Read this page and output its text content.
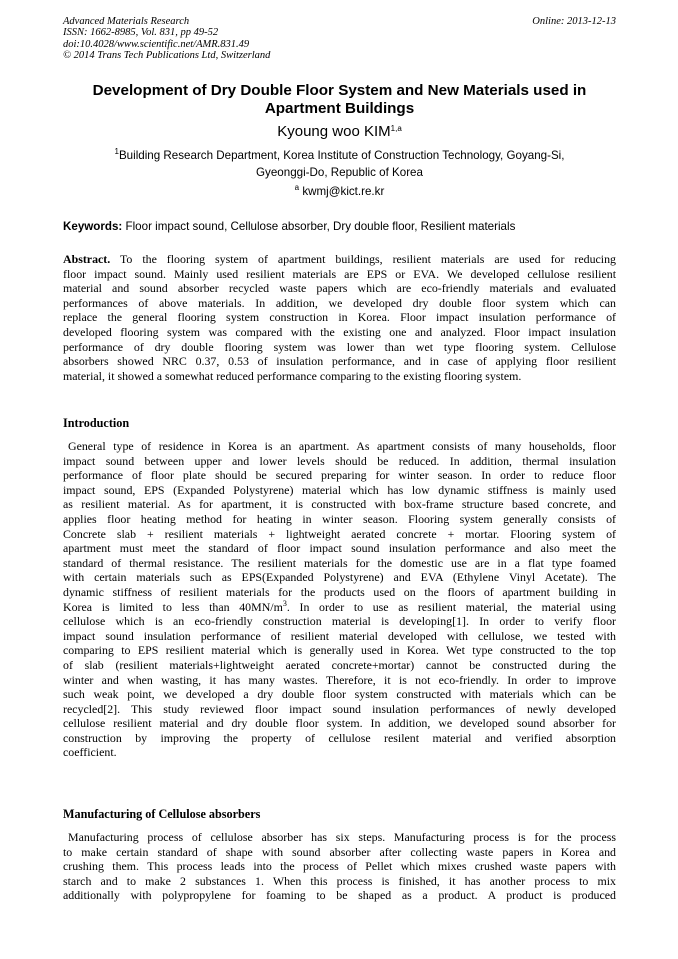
Advanced Materials Research
ISSN: 1662-8985, Vol. 831, pp 49-52
doi:10.4028/www.scientific.net/AMR.831.49
© 2014 Trans Tech Publications Ltd, Switzerland
Online: 2013-12-13
Development of Dry Double Floor System and New Materials used in
Apartment Buildings
Kyoung woo KIM$^{1,a}$
$^1$Building Research Department, Korea Institute of Construction Technology, Goyang-Si,
Gyeonggi-Do, Republic of Korea
$^a$ kwmj@kict.re.kr
Keywords: Floor impact sound, Cellulose absorber, Dry double floor, Resilient materials
Abstract. To the flooring system of apartment buildings, resilient materials are used for reducing
floor impact sound. Mainly used resilient materials are EPS or EVA. We developed cellulose resilient
material and sound absorber recycled waste papers which are eco-friendly materials and evaluated
performances of above materials. In addition, we developed dry double floor system which can
replace the general flooring system construction in Korea. Floor impact insulation performance of
developed flooring system was compared with the existing one and analyzed. Floor impact insulation
performance of dry double flooring system was lower than wet type flooring system. Cellulose
absorbers showed NRC 0.37, 0.53 of insulation performance, and in case of applying floor resilient
material, it showed a somewhat reduced performance comparing to the existing flooring system.
Introduction
General type of residence in Korea is an apartment. As apartment consists of many households, floor
impact sound between upper and lower levels should be reduced. In addition, thermal insulation
performance of floor plate should be secured preparing for winter season. In order to reduce floor
impact sound, EPS (Expanded Polystyrene) material which has low dynamic stiffness is mainly used
as resilient material. As for apartment, it is constructed with box-frame structure based concrete, and
applies floor heating method for heating in winter season. Flooring system generally consists of
Concrete slab + resilient materials + lightweight aerated concrete + mortar. Flooring system of
apartment must meet the standard of floor impact sound insulation performance and also meet the
standard of thermal resistance. The resilient materials for the domestic use are in a flat type foamed
with certain materials such as EPS(Expanded Polystyrene) and EVA (Ethylene Vinyl Acetate). The
dynamic stiffness of resilient materials for the products used on the floors of apartment building in
Korea is limited to less than $40MN/m^3$. In order to use as resilient material, the material using
cellulose which is an eco-friendly construction material is developing[1]. In order to verify floor
impact sound insulation performance of resilient material developed with cellulose, we tested with
comparing to EPS resilient material which is generally used in Korea. Wet type constructed to the top
of slab (resilient materials+lightweight aerated concrete+mortar) cannot be constructed during the
winter and when wasting, it has many wastes. Therefore, it is not eco-friendly. In order to improve
such weak point, we developed a dry double floor system constructed with materials which can be
recycled[2]. This study reviewed floor impact sound insulation performances of newly developed
cellulose resilient material and dry double floor system. In addition, we developed sound absorber for
construction by improving the property of cellulose resilent material and verified absorption
coefficient.
Manufacturing of Cellulose absorbers
Manufacturing process of cellulose absorber has six steps. Manufacturing process is for the process
to make certain standard of shape with sound absorber after collecting waste papers in Korea and
crushing them. This process leads into the process of Pellet which mixes crushed waste papers with
starch and to make 2 substances 1. When this process is finished, it has another process to mix
additionally with polypropylene for foaming to be shaped as a product. A product is produced
